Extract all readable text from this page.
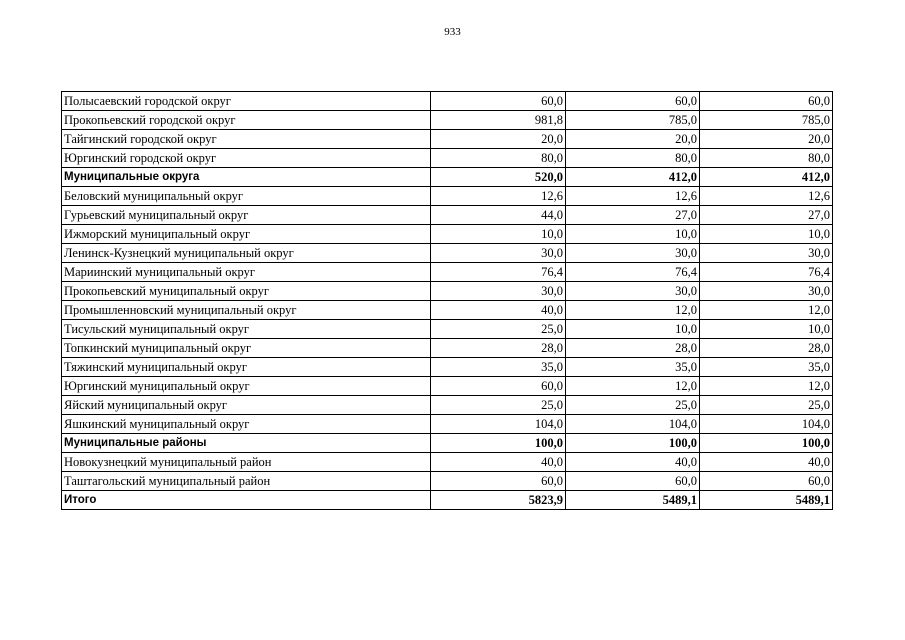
933
Полысаевский городской округ	60,0	60,0	60,0
Прокопьевский городской округ	981,8	785,0	785,0
Тайгинский городской округ	20,0	20,0	20,0
Юргинский городской округ	80,0	80,0	80,0
Муниципальные округа	520,0	412,0	412,0
Беловский муниципальный округ	12,6	12,6	12,6
Гурьевский муниципальный округ	44,0	27,0	27,0
Ижморский муниципальный округ	10,0	10,0	10,0
Ленинск-Кузнецкий муниципальный округ	30,0	30,0	30,0
Мариинский муниципальный округ	76,4	76,4	76,4
Прокопьевский муниципальный округ	30,0	30,0	30,0
Промышленновский муниципальный округ	40,0	12,0	12,0
Тисульский муниципальный округ	25,0	10,0	10,0
Топкинский муниципальный округ	28,0	28,0	28,0
Тяжинский муниципальный округ	35,0	35,0	35,0
Юргинский муниципальный округ	60,0	12,0	12,0
Яйский муниципальный округ	25,0	25,0	25,0
Яшкинский муниципальный округ	104,0	104,0	104,0
Муниципальные районы	100,0	100,0	100,0
Новокузнецкий муниципальный район	40,0	40,0	40,0
Таштагольский муниципальный район	60,0	60,0	60,0
Итого	5823,9	5489,1	5489,1
